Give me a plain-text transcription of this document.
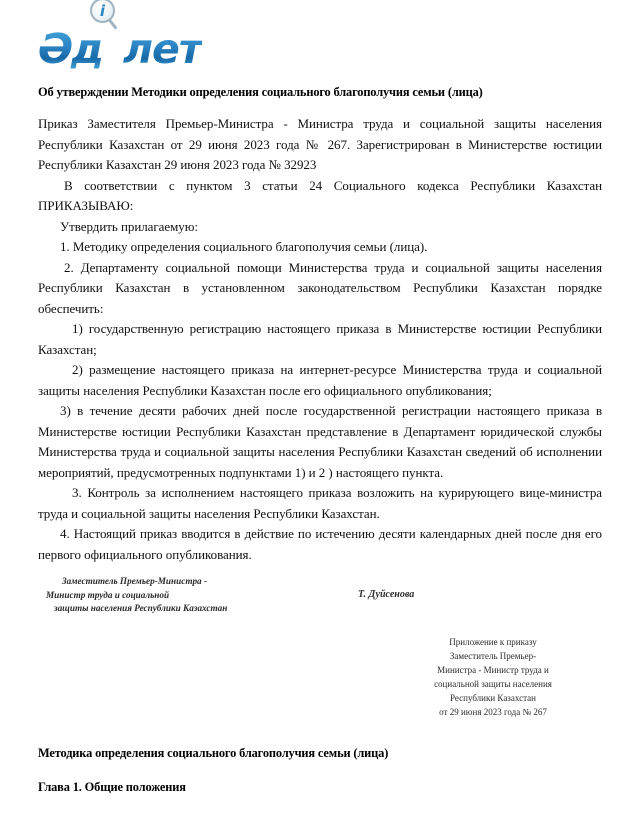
Әд лет
i
Об утверждении Методики определения социального благополучия семьи (лица)

Приказ Заместителя Премьер-Министра - Министра труда и социальной защиты населения Республики Казахстан от 29 июня 2023 года № 267. Зарегистрирован в Министерстве юстиции Республики Казахстан 29 июня 2023 года № 32923

В соответствии с пунктом 3 статьи 24 Социального кодекса Республики Казахстан ПРИКАЗЫВАЮ:

Утвердить прилагаемую:

1. Методику определения социального благополучия семьи (лица).

2. Департаменту социальной помощи Министерства труда и социальной защиты населения Республики Казахстан в установленном законодательством Республики Казахстан порядке обеспечить:

1) государственную регистрацию настоящего приказа в Министерстве юстиции Республики Казахстан;

2) размещение настоящего приказа на интернет-ресурсе Министерства труда и социальной защиты населения Республики Казахстан после его официального опубликования;

3) в течение десяти рабочих дней после государственной регистрации настоящего приказа в Министерстве юстиции Республики Казахстан представление в Департамент юридической службы Министерства труда и социальной защиты населения Республики Казахстан сведений об исполнении мероприятий, предусмотренных подпунктами 1) и 2 ) настоящего пункта.

3. Контроль за исполнением настоящего приказа возложить на курирующего вице-министра труда и социальной защиты населения Республики Казахстан.

4. Настоящий приказ вводится в действие по истечению десяти календарных дней после дня его первого официального опубликования.

Заместитель Премьер-Министра -
Министр труда и социальной
защиты населения Республики Казахстан
Т. Дуйсенова
Приложение к приказу
Заместитель Премьер-
Министра - Министр труда и
социальной защиты населения
Республики Казахстан
от 29 июня 2023 года № 267
Методика определения социального благополучия семьи (лица)
Глава 1. Общие положения
